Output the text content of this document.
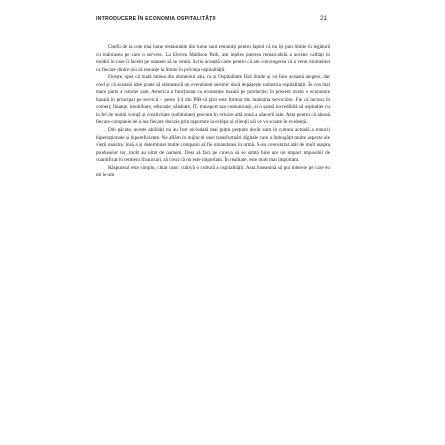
INTRODUCERE ÎN ECONOMIA OSPITALITĂȚII	21

Chefii de la cele mai bune restaurante din lume sunt renumiți pentru faptul că nu își pun limite în legătură cu mâncarea pe care o servesc. La Eleven Madison Park, am înțeles puterea remarcabilă a acestei calități în modul în care îi facem pe oameni să se simtă. Scriu această carte pentru că am convingerea că a venit momentul ca fiecare dintre noi să renunțe la limite în privința ospitalității.

Firește, sper că toată lumea din domeniul său, ca și Ospitalitate fără limite și va face această alegere, dar cred și că această idee poate să stârnească un eveniment seismic dacă depășește industria ospitalității. În cea mai mare parte a istoriei sale, America a funcționat ca economie bazată pe producție; în prezent avem o economie bazată în principal pe servicii – peste 3/4 din PIB-ul țării este format din industria serviciilor. Fie că lucrezi în comerț, finanțe, imobiliare, educație, sănătate, IT, transport sau comunicații, ai o șansă incredibilă să ospitalier cu la fel de multă voință și creativitate (nelimitate) precum în oricare altă zonă a afacerii tale. Asta pentru că aleasă fiecare companie de a lua fiecare decizie prin raportare la echipa și clienții săi ce va scoate în evidență.

Din păcate, aceste abilități nu au fost niciodată mai puțin prețuite decât sunt în cultura actuală a muncii hiperraționale și hipereficiente. Ne aflăm în mijlocul unei transformări digitale care a îmbogățit multe aspecte ale vieții noastre, însă a și determinat multe companii să fie umanitatea în urmă. S-au concentrat atât de mult asupra produselor lor, încât au uitat de oameni. Deși să faci pe cineva să se simtă bine are un impact imposibil de cuantificat în termeni financiari, să crezi că nu este important. În realitate, este mult mai important.

Răspunsul este simplu, chiar ușor: cultivă o cultură a ospitalității. Asta înseamnă să pui interele pe care eu mi le-am
